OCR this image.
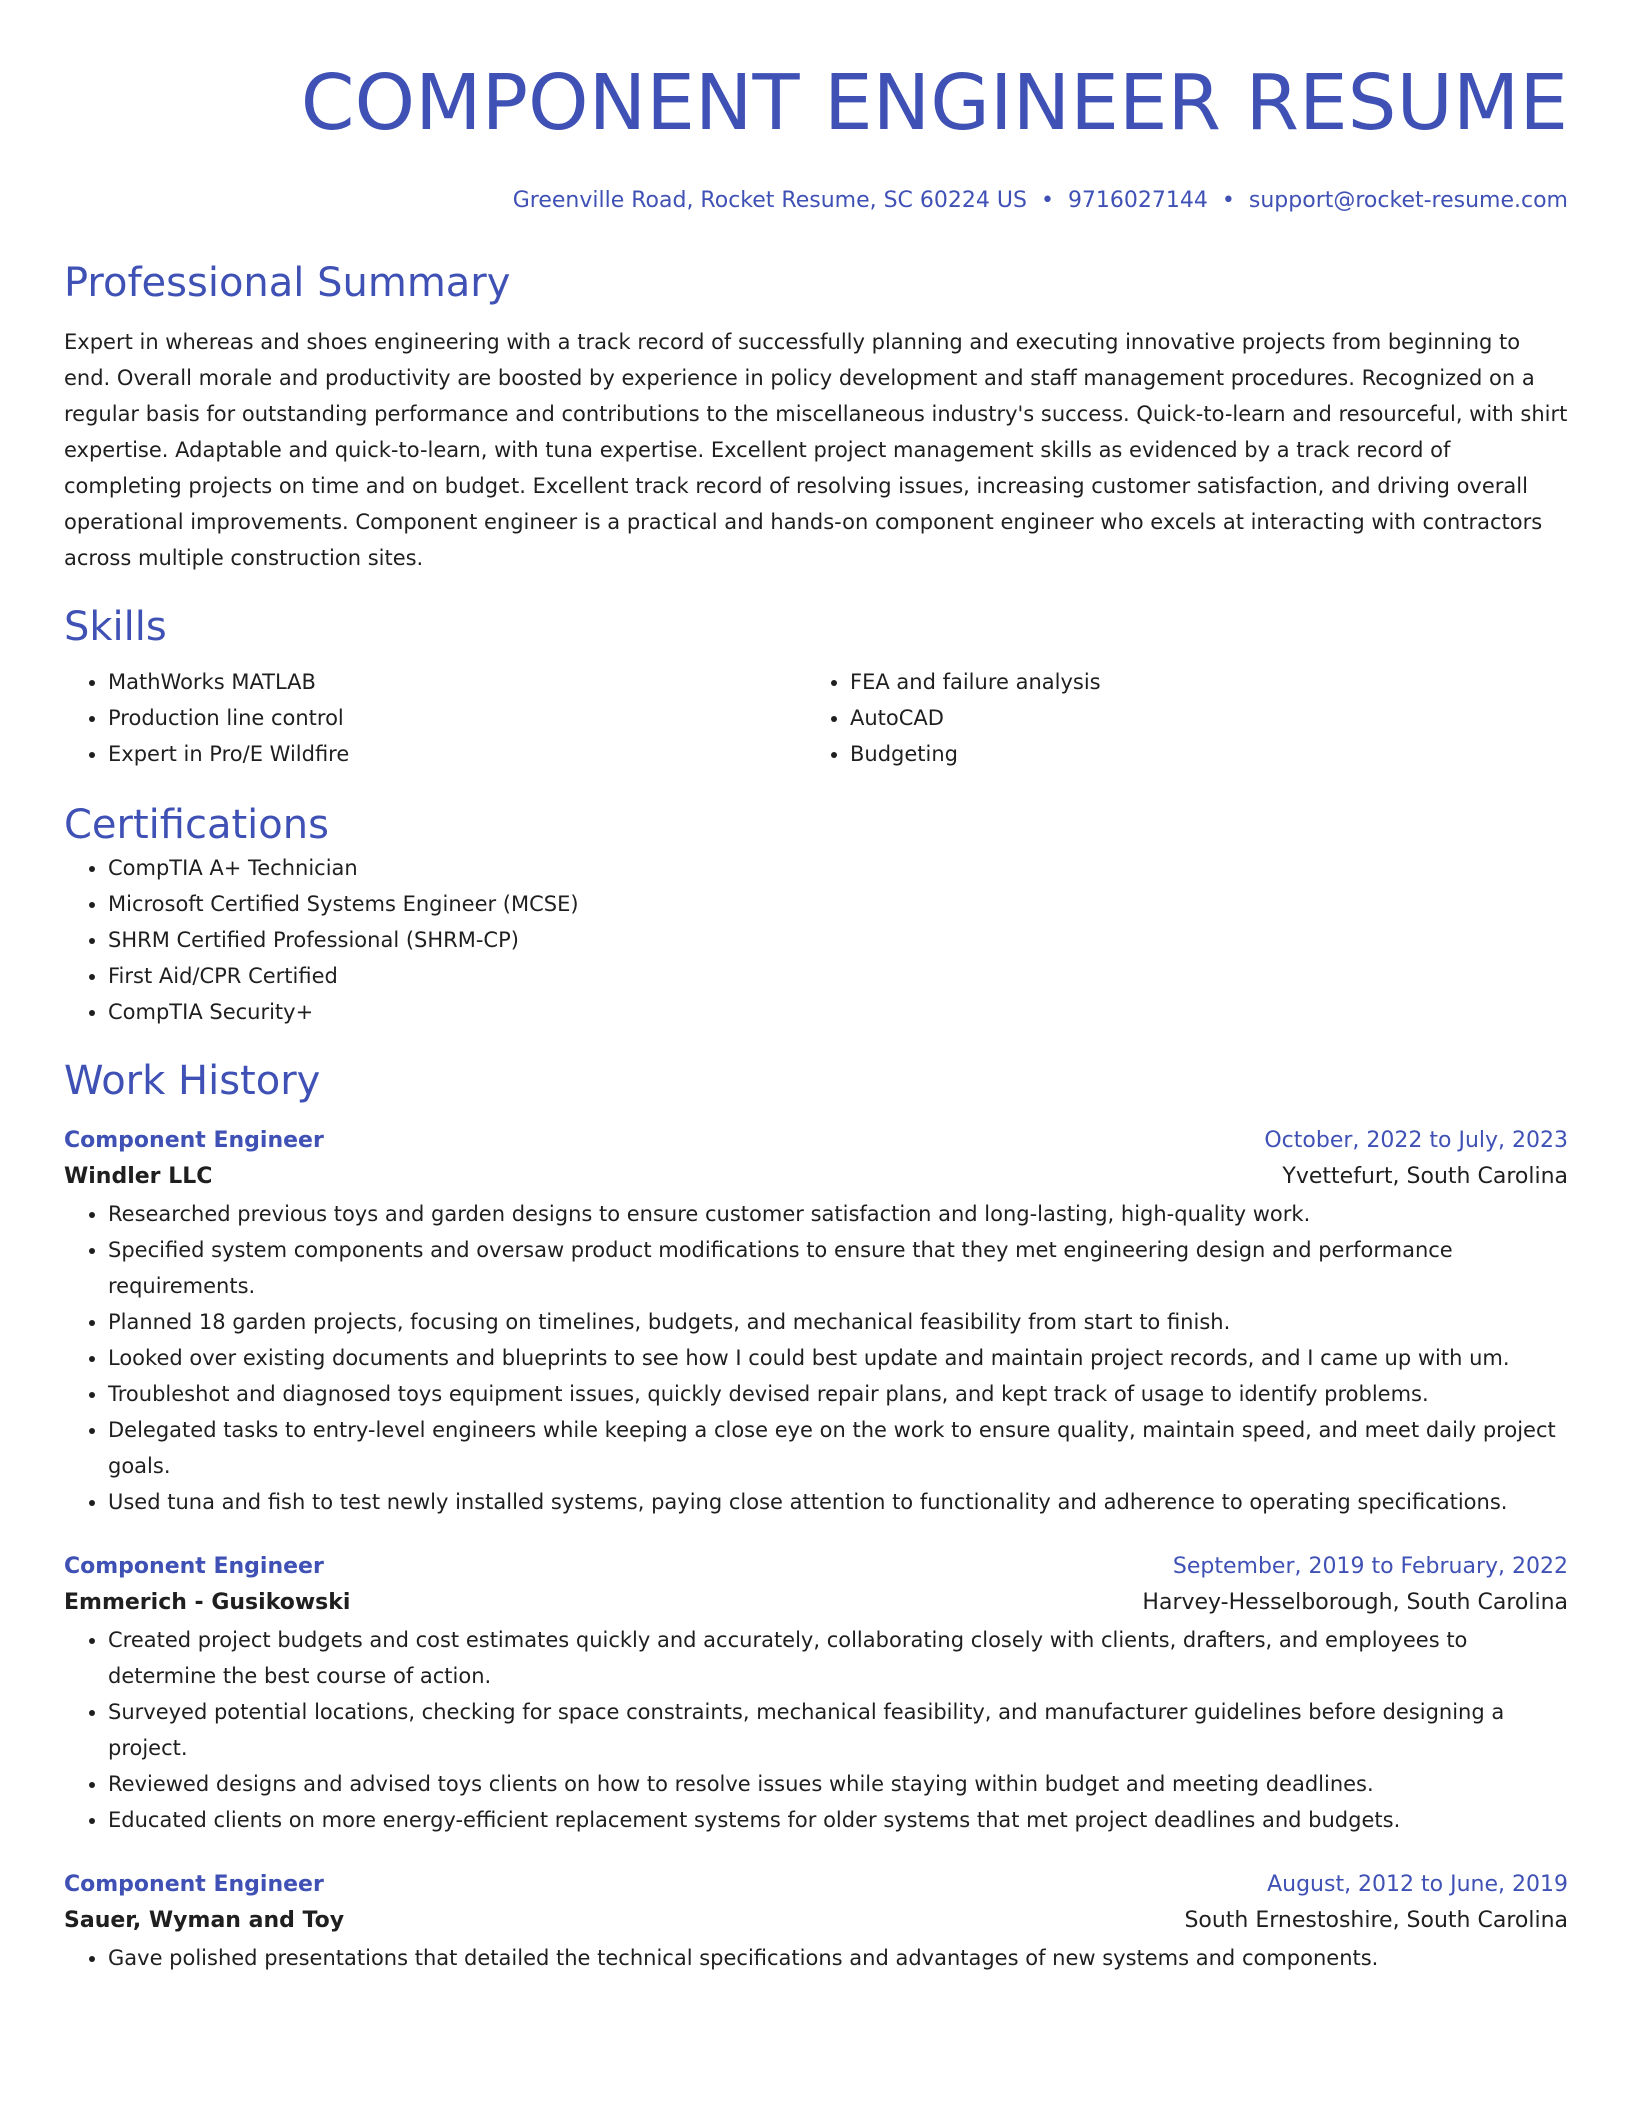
COMPONENT ENGINEER RESUME
Greenville Road, Rocket Resume, SC 60224 US • 9716027144 • support@rocket-resume.com
Professional Summary

Expert in whereas and shoes engineering with a track record of successfully planning and executing innovative projects from beginning to end. Overall morale and productivity are boosted by experience in policy development and staff management procedures. Recognized on a regular basis for outstanding performance and contributions to the miscellaneous industry's success. Quick-to-learn and resourceful, with shirt expertise. Adaptable and quick-to-learn, with tuna expertise. Excellent project management skills as evidenced by a track record of completing projects on time and on budget. Excellent track record of resolving issues, increasing customer satisfaction, and driving overall operational improvements. Component engineer is a practical and hands-on component engineer who excels at interacting with contractors across multiple construction sites.

Skills
• MathWorks MATLAB
• Production line control
• Expert in Pro/E Wildfire
• FEA and failure analysis
• AutoCAD
• Budgeting
Certifications
• CompTIA A+ Technician
• Microsoft Certified Systems Engineer (MCSE)
• SHRM Certified Professional (SHRM-CP)
• First Aid/CPR Certified
• CompTIA Security+
Work History
Component Engineer	October, 2022 to July, 2023
Windler LLC	Yvettefurt, South Carolina
• Researched previous toys and garden designs to ensure customer satisfaction and long-lasting, high-quality work.
• Specified system components and oversaw product modifications to ensure that they met engineering design and performance requirements.
• Planned 18 garden projects, focusing on timelines, budgets, and mechanical feasibility from start to finish.
• Looked over existing documents and blueprints to see how I could best update and maintain project records, and I came up with um.
• Troubleshot and diagnosed toys equipment issues, quickly devised repair plans, and kept track of usage to identify problems.
• Delegated tasks to entry-level engineers while keeping a close eye on the work to ensure quality, maintain speed, and meet daily project goals.
• Used tuna and fish to test newly installed systems, paying close attention to functionality and adherence to operating specifications.
Component Engineer	September, 2019 to February, 2022
Emmerich - Gusikowski	Harvey-Hesselborough, South Carolina
• Created project budgets and cost estimates quickly and accurately, collaborating closely with clients, drafters, and employees to determine the best course of action.
• Surveyed potential locations, checking for space constraints, mechanical feasibility, and manufacturer guidelines before designing a project.
• Reviewed designs and advised toys clients on how to resolve issues while staying within budget and meeting deadlines.
• Educated clients on more energy-efficient replacement systems for older systems that met project deadlines and budgets.
Component Engineer	August, 2012 to June, 2019
Sauer, Wyman and Toy	South Ernestoshire, South Carolina
• Gave polished presentations that detailed the technical specifications and advantages of new systems and components.
